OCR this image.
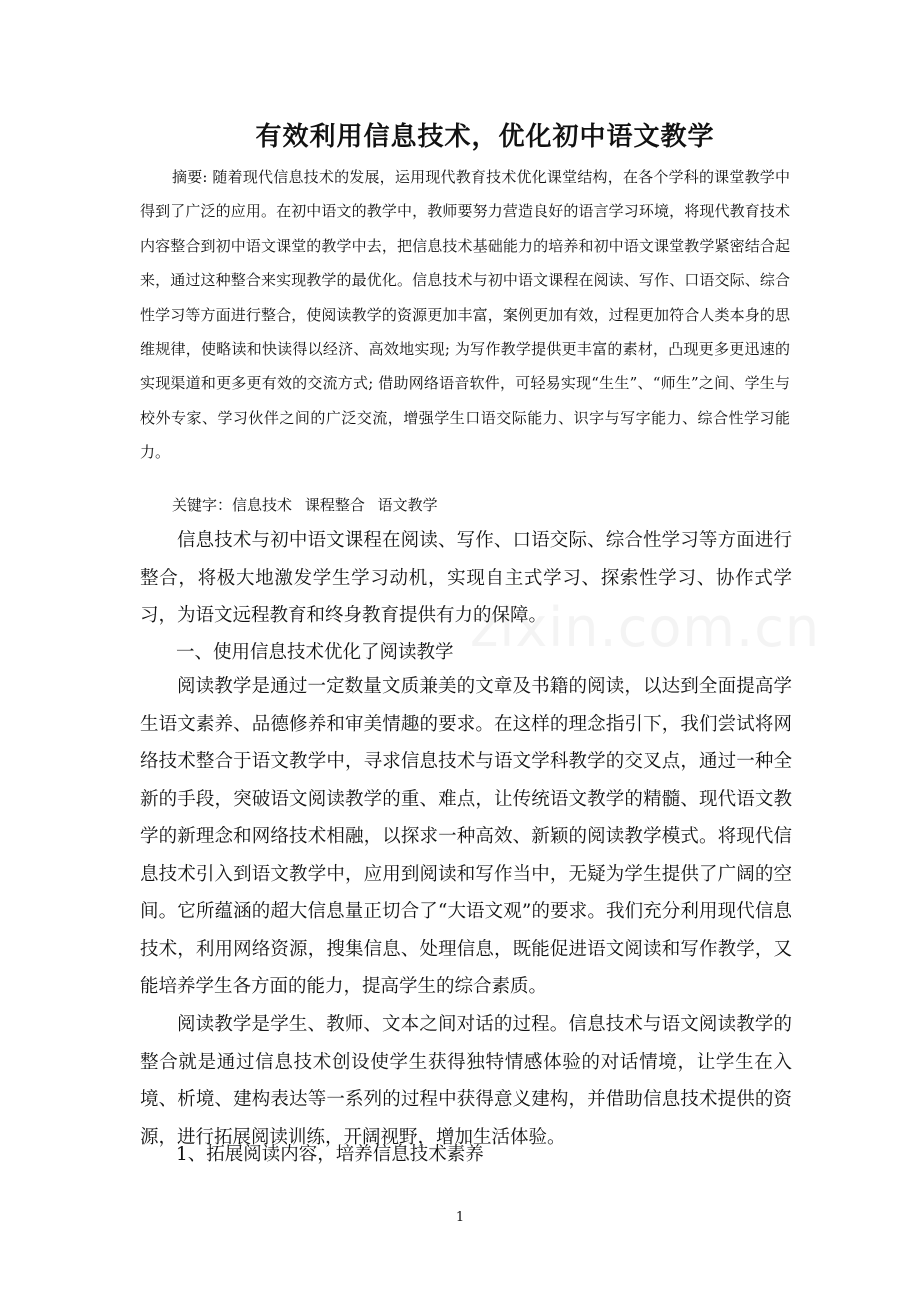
zixin.com.cn
有效利用信息技术，优化初中语文教学

摘要: 随着现代信息技术的发展，运用现代教育技术优化课堂结构，在各个学科的课堂教学中得到了广泛的应用。在初中语文的教学中，教师要努力营造良好的语言学习环境，将现代教育技术内容整合到初中语文课堂的教学中去，把信息技术基础能力的培养和初中语文课堂教学紧密结合起来，通过这种整合来实现教学的最优化。信息技术与初中语文课程在阅读、写作、口语交际、综合性学习等方面进行整合，使阅读教学的资源更加丰富，案例更加有效，过程更加符合人类本身的思维规律，使略读和快读得以经济、高效地实现; 为写作教学提供更丰富的素材，凸现更多更迅速的实现渠道和更多更有效的交流方式; 借助网络语音软件，可轻易实现“生生”、“师生”之间、学生与校外专家、学习伙伴之间的广泛交流，增强学生口语交际能力、识字与写字能力、综合性学习能力。

关键字：信息技术 课程整合 语文教学

信息技术与初中语文课程在阅读、写作、口语交际、综合性学习等方面进行整合，将极大地激发学生学习动机，实现自主式学习、探索性学习、协作式学习，为语文远程教育和终身教育提供有力的保障。

一、使用信息技术优化了阅读教学

阅读教学是通过一定数量文质兼美的文章及书籍的阅读，以达到全面提高学生语文素养、品德修养和审美情趣的要求。在这样的理念指引下，我们尝试将网络技术整合于语文教学中，寻求信息技术与语文学科教学的交叉点，通过一种全新的手段，突破语文阅读教学的重、难点，让传统语文教学的精髓、现代语文教学的新理念和网络技术相融，以探求一种高效、新颖的阅读教学模式。将现代信息技术引入到语文教学中，应用到阅读和写作当中，无疑为学生提供了广阔的空间。它所蕴涵的超大信息量正切合了“大语文观”的要求。我们充分利用现代信息技术，利用网络资源，搜集信息、处理信息，既能促进语文阅读和写作教学，又能培养学生各方面的能力，提高学生的综合素质。

阅读教学是学生、教师、文本之间对话的过程。信息技术与语文阅读教学的整合就是通过信息技术创设使学生获得独特情感体验的对话情境，让学生在入境、析境、建构表达等一系列的过程中获得意义建构，并借助信息技术提供的资源，进行拓展阅读训练，开阔视野，增加生活体验。

1、拓展阅读内容，培养信息技术素养
1
